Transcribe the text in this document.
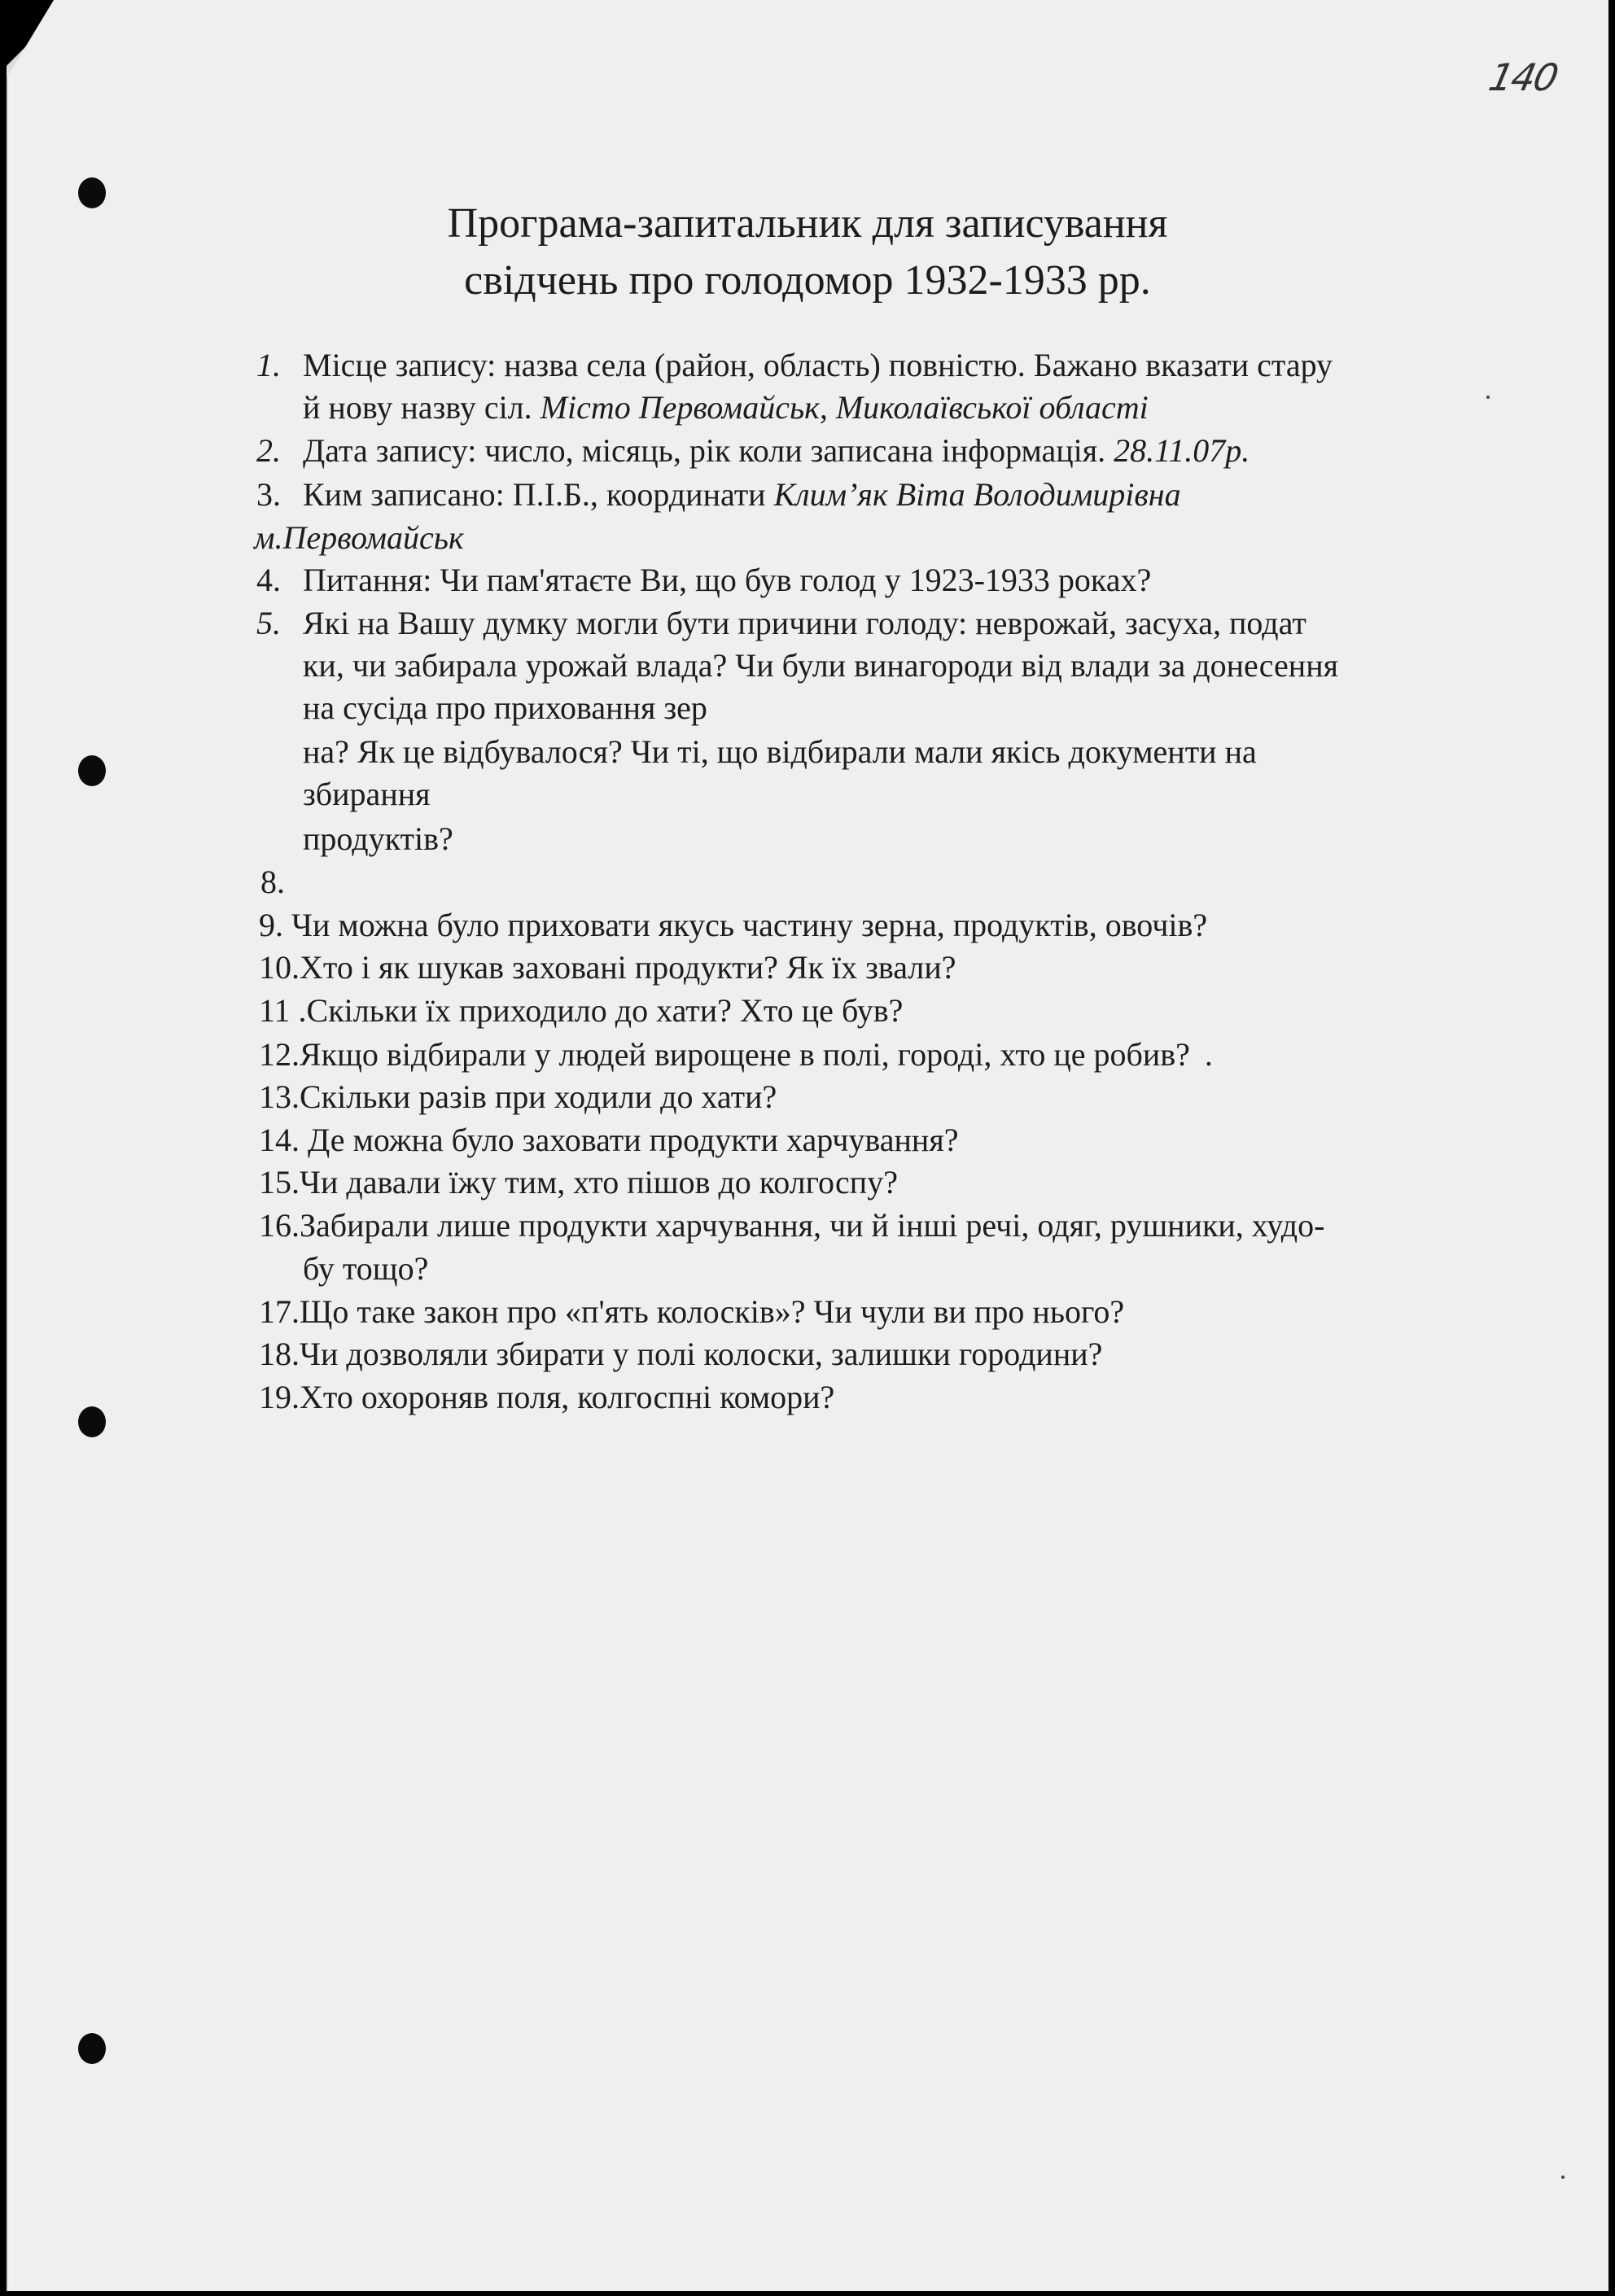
140
Програма-запитальник для записування
свідчень про голодомор 1932-1933 рр.
1. Місце запису: назва села (район, область) повністю. Бажано вказати стару
й нову назву сіл. Місто Первомайськ, Миколаївської області
2. Дата запису: число, місяць, рік коли записана інформація. 28.11.07р.
3. Ким записано: П.І.Б., координати Клим’як Віта Володимирівна
м.Первомайськ
4. Питання: Чи пам'ятаєте Ви, що був голод у 1923-1933 роках?
5. Які на Вашу думку могли бути причини голоду: неврожай, засуха, подат
ки, чи забирала урожай влада? Чи були винагороди від влади за донесення
на сусіда про приховання зер
на? Як це відбувалося? Чи ті, що відбирали мали якісь документи на
збирання
продуктів?
8.
9. Чи можна було приховати якусь частину зерна, продуктів, овочів?
10.Хто і як шукав заховані продукти? Як їх звали?
11 .Скільки їх приходило до хати? Хто це був?
12.Якщо відбирали у людей вирощене в полі, городі, хто це робив? .
13.Скільки разів при ходили до хати?
14. Де можна було заховати продукти харчування?
15.Чи давали їжу тим, хто пішов до колгоспу?
16.Забирали лише продукти харчування, чи й інші речі, одяг, рушники, худо-
бу тощо?
17.Що таке закон про «п'ять колосків»? Чи чули ви про нього?
18.Чи дозволяли збирати у полі колоски, залишки городини?
19.Хто охороняв поля, колгоспні комори?
